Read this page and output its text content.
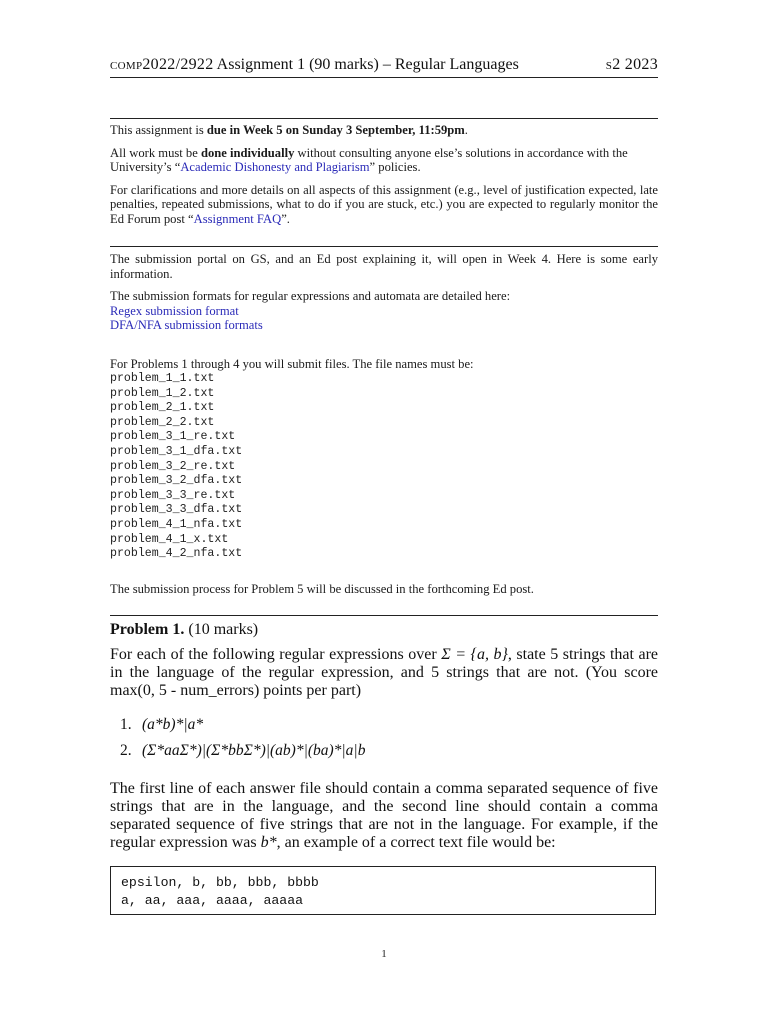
comp2022/2922 Assignment 1 (90 marks) – Regular Languages	s2 2023

This assignment is due in Week 5 on Sunday 3 September, 11:59pm.

All work must be done individually without consulting anyone else’s solutions in accordance with the University’s “Academic Dishonesty and Plagiarism” policies.

For clarifications and more details on all aspects of this assignment (e.g., level of justification expected, late penalties, repeated submissions, what to do if you are stuck, etc.) you are expected to regularly monitor the Ed Forum post “Assignment FAQ”.

The submission portal on GS, and an Ed post explaining it, will open in Week 4. Here is some early information.

The submission formats for regular expressions and automata are detailed here:

Regex submission format

DFA/NFA submission formats

For Problems 1 through 4 you will submit files. The file names must be:
problem_1_1.txt
problem_1_2.txt
problem_2_1.txt
problem_2_2.txt
problem_3_1_re.txt
problem_3_1_dfa.txt
problem_3_2_re.txt
problem_3_2_dfa.txt
problem_3_3_re.txt
problem_3_3_dfa.txt
problem_4_1_nfa.txt
problem_4_1_x.txt
problem_4_2_nfa.txt
The submission process for Problem 5 will be discussed in the forthcoming Ed post.
Problem 1. (10 marks)

For each of the following regular expressions over Σ = {a, b}, state 5 strings that are in the language of the regular expression, and 5 strings that are not. (You score max(0, 5 - num_errors) points per part)

1. (a*b)*|a*
2. (Σ*aaΣ*)|(Σ*bbΣ*)|(ab)*|(ba)*|a|b

The first line of each answer file should contain a comma separated sequence of five strings that are in the language, and the second line should contain a comma separated sequence of five strings that are not in the language. For example, if the regular expression was b*, an example of a correct text file would be:

epsilon, b, bb, bbb, bbbb
a, aa, aaa, aaaa, aaaaa
1
